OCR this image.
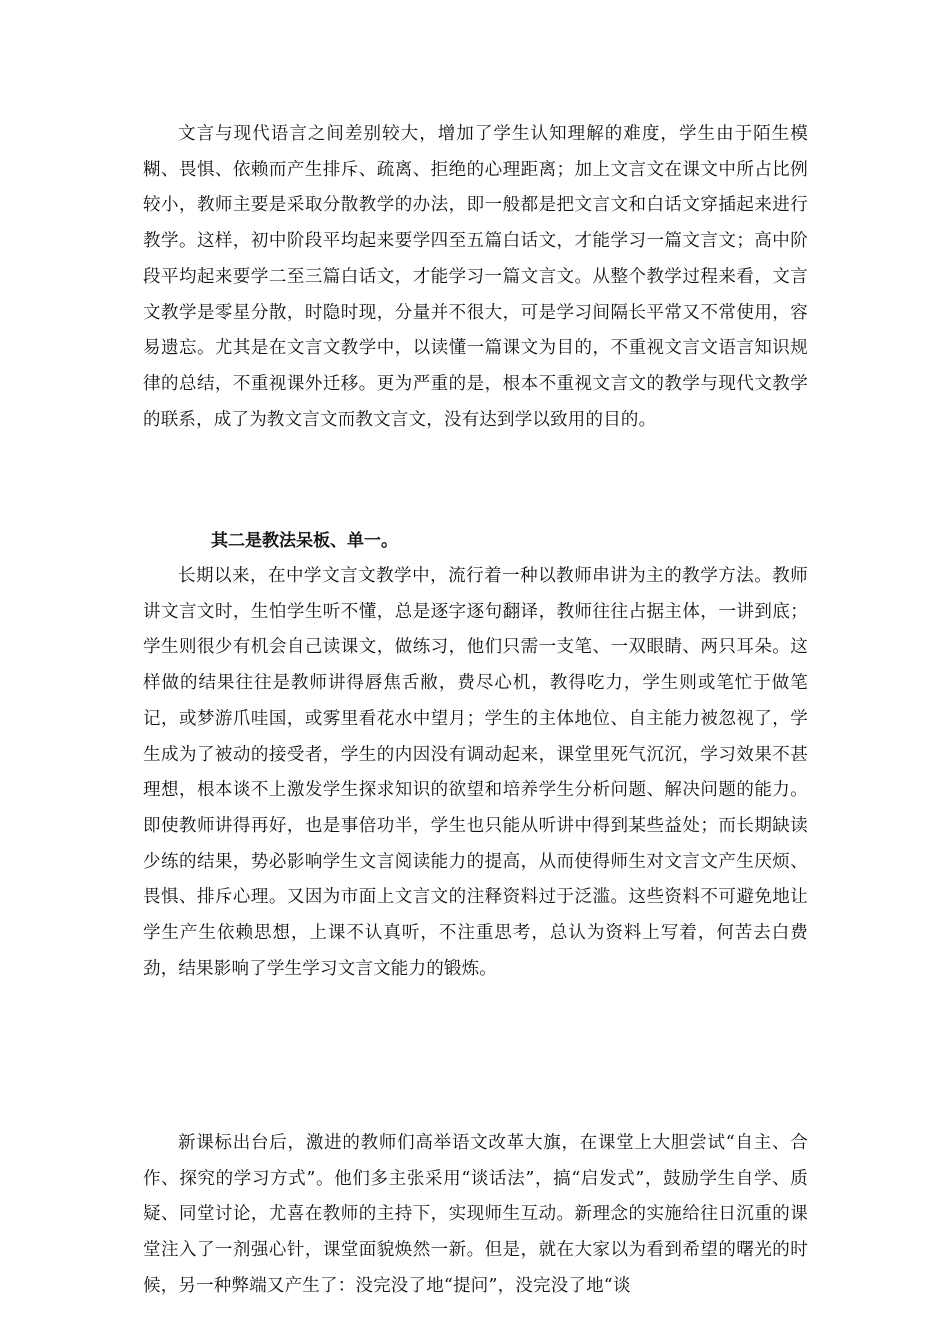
文言与现代语言之间差别较大，增加了学生认知理解的难度，学生由于陌生模糊、畏惧、依赖而产生排斥、疏离、拒绝的心理距离；加上文言文在课文中所占比例较小，教师主要是采取分散教学的办法，即一般都是把文言文和白话文穿插起来进行教学。这样，初中阶段平均起来要学四至五篇白话文，才能学习一篇文言文；高中阶段平均起来要学二至三篇白话文，才能学习一篇文言文。从整个教学过程来看，文言文教学是零星分散，时隐时现，分量并不很大，可是学习间隔长平常又不常使用，容易遗忘。尤其是在文言文教学中，以读懂一篇课文为目的，不重视文言文语言知识规律的总结，不重视课外迁移。更为严重的是，根本不重视文言文的教学与现代文教学的联系，成了为教文言文而教文言文，没有达到学以致用的目的。

其二是教法呆板、单一。

长期以来，在中学文言文教学中，流行着一种以教师串讲为主的教学方法。教师讲文言文时，生怕学生听不懂，总是逐字逐句翻译，教师往往占据主体，一讲到底；学生则很少有机会自己读课文，做练习，他们只需一支笔、一双眼睛、两只耳朵。这样做的结果往往是教师讲得唇焦舌敝，费尽心机，教得吃力，学生则或笔忙于做笔记，或梦游爪哇国，或雾里看花水中望月；学生的主体地位、自主能力被忽视了，学生成为了被动的接受者，学生的内因没有调动起来，课堂里死气沉沉，学习效果不甚理想，根本谈不上激发学生探求知识的欲望和培养学生分析问题、解决问题的能力。即使教师讲得再好，也是事倍功半，学生也只能从听讲中得到某些益处；而长期缺读少练的结果，势必影响学生文言阅读能力的提高，从而使得师生对文言文产生厌烦、畏惧、排斥心理。又因为市面上文言文的注释资料过于泛滥。这些资料不可避免地让学生产生依赖思想，上课不认真听，不注重思考，总认为资料上写着，何苦去白费劲，结果影响了学生学习文言文能力的锻炼。

新课标出台后，激进的教师们高举语文改革大旗，在课堂上大胆尝试“自主、合作、探究的学习方式”。他们多主张采用“谈话法”，搞“启发式”，鼓励学生自学、质疑、同堂讨论，尤喜在教师的主持下，实现师生互动。新理念的实施给往日沉重的课堂注入了一剂强心针，课堂面貌焕然一新。但是，就在大家以为看到希望的曙光的时候，另一种弊端又产生了：没完没了地“提问”，没完没了地“谈
